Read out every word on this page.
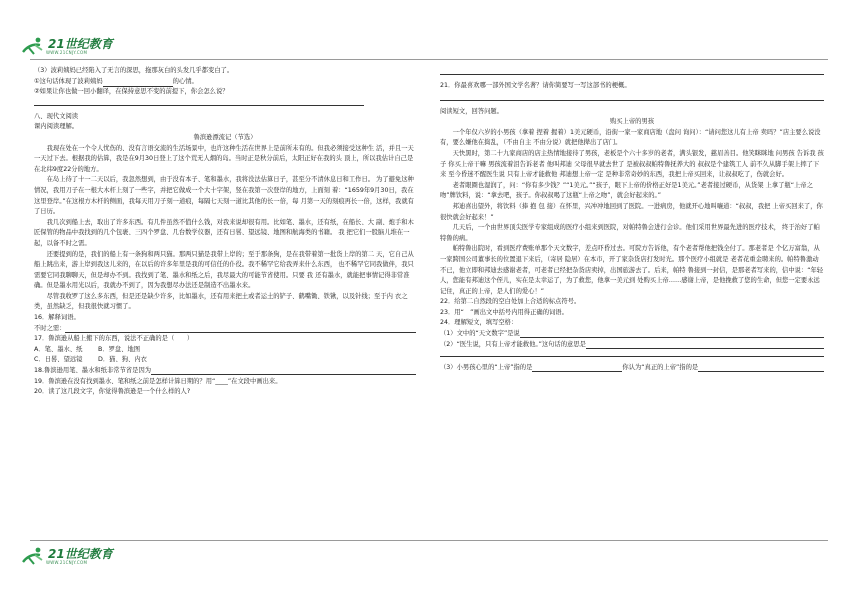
21世纪教育
WWW.21CNJY.COM

（3）波莉姨妈已经陷入了无言的深思，拖那灰白的头发几乎都变白了。

①这句话体现了波莉姨妈	的心情。

②如果让你也做一回小翻译，在保持意思不变的前提下，你会怎么说？

八、现代文阅读

课内阅读理解。

鲁滨逊漂流记（节选）

我现在处在一个令人忧伤的、没有言语交流的生活场景中，也许这种生活在世界上是前所未有的。但我必须接受这种生 活，并且一天一天过下去。根据我的估算，我是在9月30日登上了这个荒无人烟的岛。当时正是秋分前后，太阳正好在我的头 顶上，所以我估计自己是在北纬9度22分的地方。

在岛上待了十一二天以后，我忽然想到，由于没有本子、笔和墨水，我将没法估算日子，甚至分不清休息日和工作日。 为了避免这种情况，我用刀子在一根大木杆上刻了一些字，并把它做成一个大十字架，竖在我第一次登岸的地方，上面刻 着：“1659年9月30日，我在这里登岸。”在这根方木杆的侧面，我每天用刀子刻一道痕，每隔七天刻一道比其他的长一倍，每 月第一天的刻痕再长一倍，这样，我就有了日历。

我几次到船上去，取出了许多东西。有几件虽然不值什么钱，对我来说却很有用。比如笔、墨水，还有纸，在船长、大 副、炮手和木匠保管的物品中我找到的几个包裹、三四个罗盘、几台数学仪器，还有日晷、望远镜、地图和航海类的书籍。 我 把它们一股脑儿堆在一起，以备不时之需。

还要提到的是，我们的船上有一条狗和两只猫。那两只猫是我带上岸的；至于那条狗，是在我带着第一批货上岸的第二 天，它自己从船上跳出来，游上岸到我这儿来的，在以后的许多年里是我的可信任的仆役。我不稀罕它给我弄来什么东西， 也不稀罕它同我做伴，我只需要它同我聊聊天，但是却办不到。我找到了笔、墨水和纸之后，我尽最大的可能节省使用。只要 我 还有墨水，就能把事情记得非常准确。但是墨水用光以后，我就办不到了，因为我想尽办法还是制造不出墨水来。

尽管我收罗了这么多东西，但是还是缺少许多，比如墨水，还有用来把土或者运土的铲子、鹤嘴锄、铁锹，以及针线；至于内 衣之类，虽然缺乏，但我很快就习惯了。

16．解释词语。

不时之需：

17．鲁滨逊从船上搬下的东西，说法不正确的是（　　）

A．笔、墨水、纸	B．罗盘、地图
C．日晷、望远镜	D．猫、狗、内衣

18.鲁滨逊用笔、墨水和纸非常节省是因为

19．鲁滨逊在没有找到墨水、笔和纸之前是怎样计算日期的？用“____”在文段中画出来。

20．读了这几段文字，你觉得鲁滨逊是一个什么样的人?

21．你最喜欢哪一部外国文学名著？请你简要写一写这部书的梗概。

阅读短文，回答问题。

购买上帝的男孩

一个年仅六岁的小男孩（拿着 捏着 握着）1美元硬币，沿街一家一家商店地（盘问 询问）：“请问您这儿有上帝 卖吗？”店主要么说没有，要么嫌他在捣乱，（不由自主 不由分说）就把他撵出了店门。

天快黑时，第二十九家商店的店主热情地接待了男孩，老板是个六十多岁的老者，满头银发，慈眉善目。他笑眯眯地 问男孩 告诉我 孩子 你买上帝干嘛 男孩流着泪告诉老者 他叫邦迪 父母很早就去世了 是被叔叔帕特鲁抚养大的 叔叔是个建筑工人 前不久从脚手架上摔了下来 至今昏迷不醒医生说 只有上帝才能救他 邦迪想上帝一定 是种非常奇妙的东西，我把上帝买回来，让叔叔吃了，伤就会好。

老者眼圈也湿润了，问：“你有多少钱？”“1美元。”“孩子，眼下上帝的价格正好是1美元。”老者接过硬币，从货架 上拿了瓶“上帝之吻”牌饮料，说：“拿去吧，孩子。你叔叔喝了这瓶“上帝之吻”，就会好起来的。”

邦迪喜出望外，将饮料（捧 抱 包 接）在怀里，兴冲冲地回到了医院。一进病房，他就开心地叫嚷道：“叔叔，我把 上帝买回来了，你很快就会好起来！”

几天后，一个由世界顶尖医学专家组成的医疗小组来到医院，对帕特鲁会进行会诊。他们采用世界最先进的医疗技术， 终于治好了帕特鲁的病。

帕特鲁出院时，看到医疗费账单那个天文数字，差点吓昏过去。可院方告诉他，有个老者帮他把钱全付了。那老者是 个亿万富翁，从一家跨国公司董事长的位置退下来后，（寄居 隐居）在本市，开了家杂货店打发时光。那个医疗小组就是 老者花重金聘来的。帕特鲁激动不已，他立即和邦迪去感谢老者，可老者已经把杂货店卖掉，出国旅游去了。后来，帕特 鲁接到一封信，是那老者写来的，信中说：“年轻人，您能有邦迪这个侄儿，实在是太幸运了，为了救您，他拿一美元到 处购买上帝……感谢上帝，是他挽救了您的生命，但您一定要永远记住，真正的上帝，是人们的爱心！”

22．给第二自然段的空白处加上合适的标点符号。

23．用“　”画出文中括号内用得正确的词语。

24．理解短文，填写空格：

（1）文中的“天文数字”是说

（2）“医生说，只有上帝才能救他。”这句话的意思是

（3）小男孩心里的“上帝”指的是	你认为“真正的上帝”指的是

21世纪教育
WWW.21CNJY.COM
